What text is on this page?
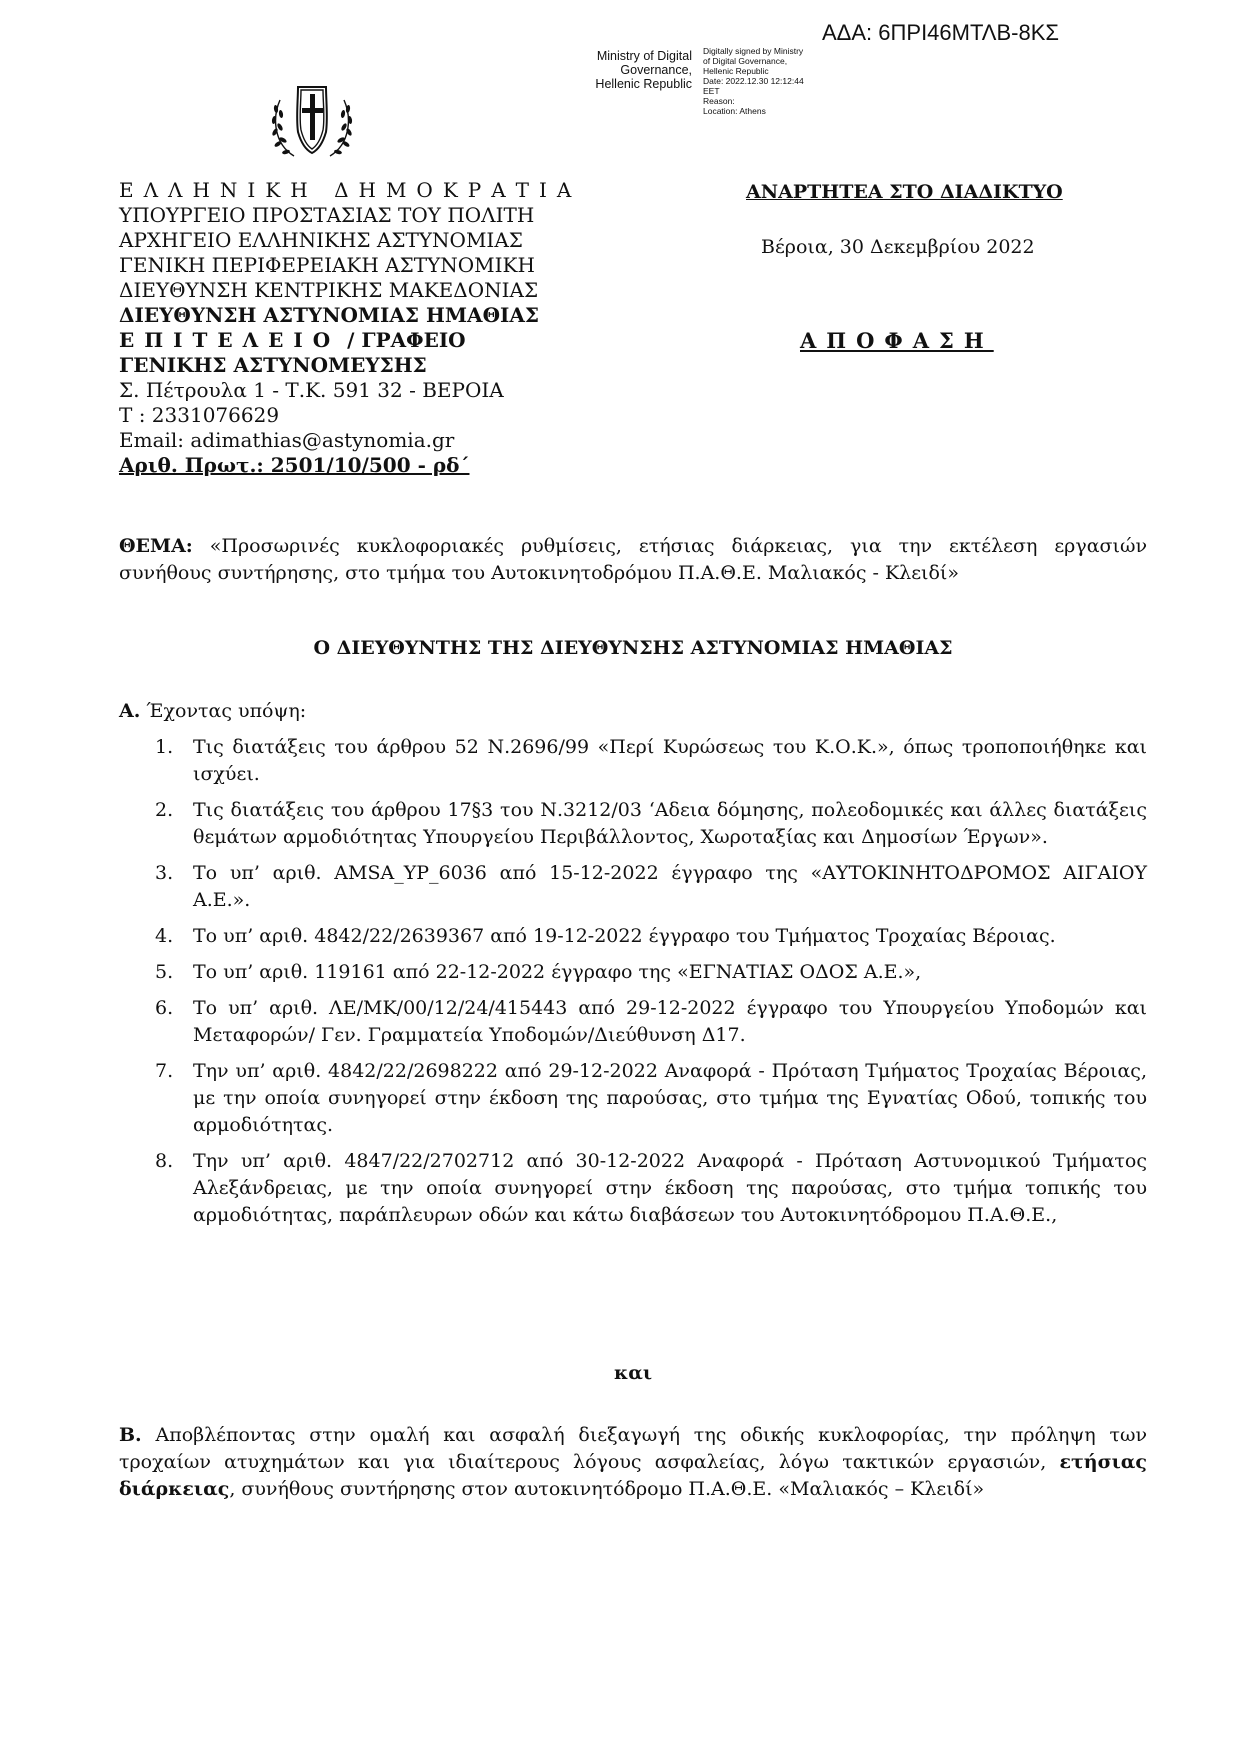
ΑΔΑ: 6ΠΡΙ46ΜΤΛΒ-8ΚΣ
Ministry of Digital
Governance,
Hellenic Republic
Digitally signed by Ministry
of Digital Governance,
Hellenic Republic
Date: 2022.12.30 12:12:44
EET
Reason:
Location: Athens
ΕΛΛΗΝΙΚΗ ΔΗΜΟΚΡΑΤΙΑ
ΥΠΟΥΡΓΕΙΟ ΠΡΟΣΤΑΣΙΑΣ ΤΟΥ ΠΟΛΙΤΗ
ΑΡΧΗΓΕΙΟ ΕΛΛΗΝΙΚΗΣ ΑΣΤΥΝΟΜΙΑΣ
ΓΕΝΙΚΗ ΠΕΡΙΦΕΡΕΙΑΚΗ ΑΣΤΥΝΟΜΙΚΗ
ΔΙΕΥΘΥΝΣΗ ΚΕΝΤΡΙΚΗΣ ΜΑΚΕΔΟΝΙΑΣ
ΔΙΕΥΘΥΝΣΗ ΑΣΤΥΝΟΜΙΑΣ ΗΜΑΘΙΑΣ
ΕΠΙΤΕΛΕΙΟ / ΓΡΑΦΕΙΟ
ΓΕΝΙΚΗΣ ΑΣΤΥΝΟΜΕΥΣΗΣ
Σ. Πέτρουλα 1 - Τ.Κ. 591 32 - ΒΕΡΟΙΑ
Τ : 2331076629
Email: adimathias@astynomia.gr
Αριθ. Πρωτ.: 2501/10/500 - ρδ΄
ΑΝΑΡΤΗΤΕΑ ΣΤΟ ΔΙΑΔΙΚΤΥΟ
Βέροια, 30 Δεκεμβρίου 2022
ΑΠΟΦΑΣΗ
ΘΕΜΑ: «Προσωρινές κυκλοφοριακές ρυθμίσεις, ετήσιας διάρκειας, για την εκτέλεση εργασιών συνήθους συντήρησης, στο τμήμα του Αυτοκινητοδρόμου Π.Α.Θ.Ε. Μαλιακός - Κλειδί»
Ο ΔΙΕΥΘΥΝΤΗΣ ΤΗΣ ΔΙΕΥΘΥΝΣΗΣ ΑΣΤΥΝΟΜΙΑΣ ΗΜΑΘΙΑΣ
Α. Έχοντας υπόψη:
1. Τις διατάξεις του άρθρου 52 Ν.2696/99 «Περί Κυρώσεως του Κ.Ο.Κ.», όπως τροποποιήθηκε και ισχύει.
2. Τις διατάξεις του άρθρου 17§3 του Ν.3212/03 ‘Αδεια δόμησης, πολεοδομικές και άλλες διατάξεις θεμάτων αρμοδιότητας Υπουργείου Περιβάλλοντος, Χωροταξίας και Δημοσίων Έργων».
3. Το υπ’ αριθ. AMSA_YP_6036 από 15-12-2022 έγγραφο της «ΑΥΤΟΚΙΝΗΤΟΔΡΟΜΟΣ ΑΙΓΑΙΟΥ Α.Ε.».
4. Το υπ’ αριθ. 4842/22/2639367 από 19-12-2022 έγγραφο του Τμήματος Τροχαίας Βέροιας.
5. Το υπ’ αριθ. 119161 από 22-12-2022 έγγραφο της «ΕΓΝΑΤΙΑΣ ΟΔΟΣ Α.Ε.»,
6. Το υπ’ αριθ. ΛΕ/ΜΚ/00/12/24/415443 από 29-12-2022 έγγραφο του Υπουργείου Υποδομών και Μεταφορών/ Γεν. Γραμματεία Υποδομών/Διεύθυνση Δ17.
7. Την υπ’ αριθ. 4842/22/2698222 από 29-12-2022 Αναφορά - Πρόταση Τμήματος Τροχαίας Βέροιας, με την οποία συνηγορεί στην έκδοση της παρούσας, στο τμήμα της Εγνατίας Οδού, τοπικής του αρμοδιότητας.
8. Την υπ’ αριθ. 4847/22/2702712 από 30-12-2022 Αναφορά - Πρόταση Αστυνομικού Τμήματος Αλεξάνδρειας, με την οποία συνηγορεί στην έκδοση της παρούσας, στο τμήμα τοπικής του αρμοδιότητας, παράπλευρων οδών και κάτω διαβάσεων του Αυτοκινητόδρομου Π.Α.Θ.Ε.,
και
Β. Αποβλέποντας στην ομαλή και ασφαλή διεξαγωγή της οδικής κυκλοφορίας, την πρόληψη των τροχαίων ατυχημάτων και για ιδιαίτερους λόγους ασφαλείας, λόγω τακτικών εργασιών, ετήσιας διάρκειας, συνήθους συντήρησης στον αυτοκινητόδρομο Π.Α.Θ.Ε. «Μαλιακός – Κλειδί»
